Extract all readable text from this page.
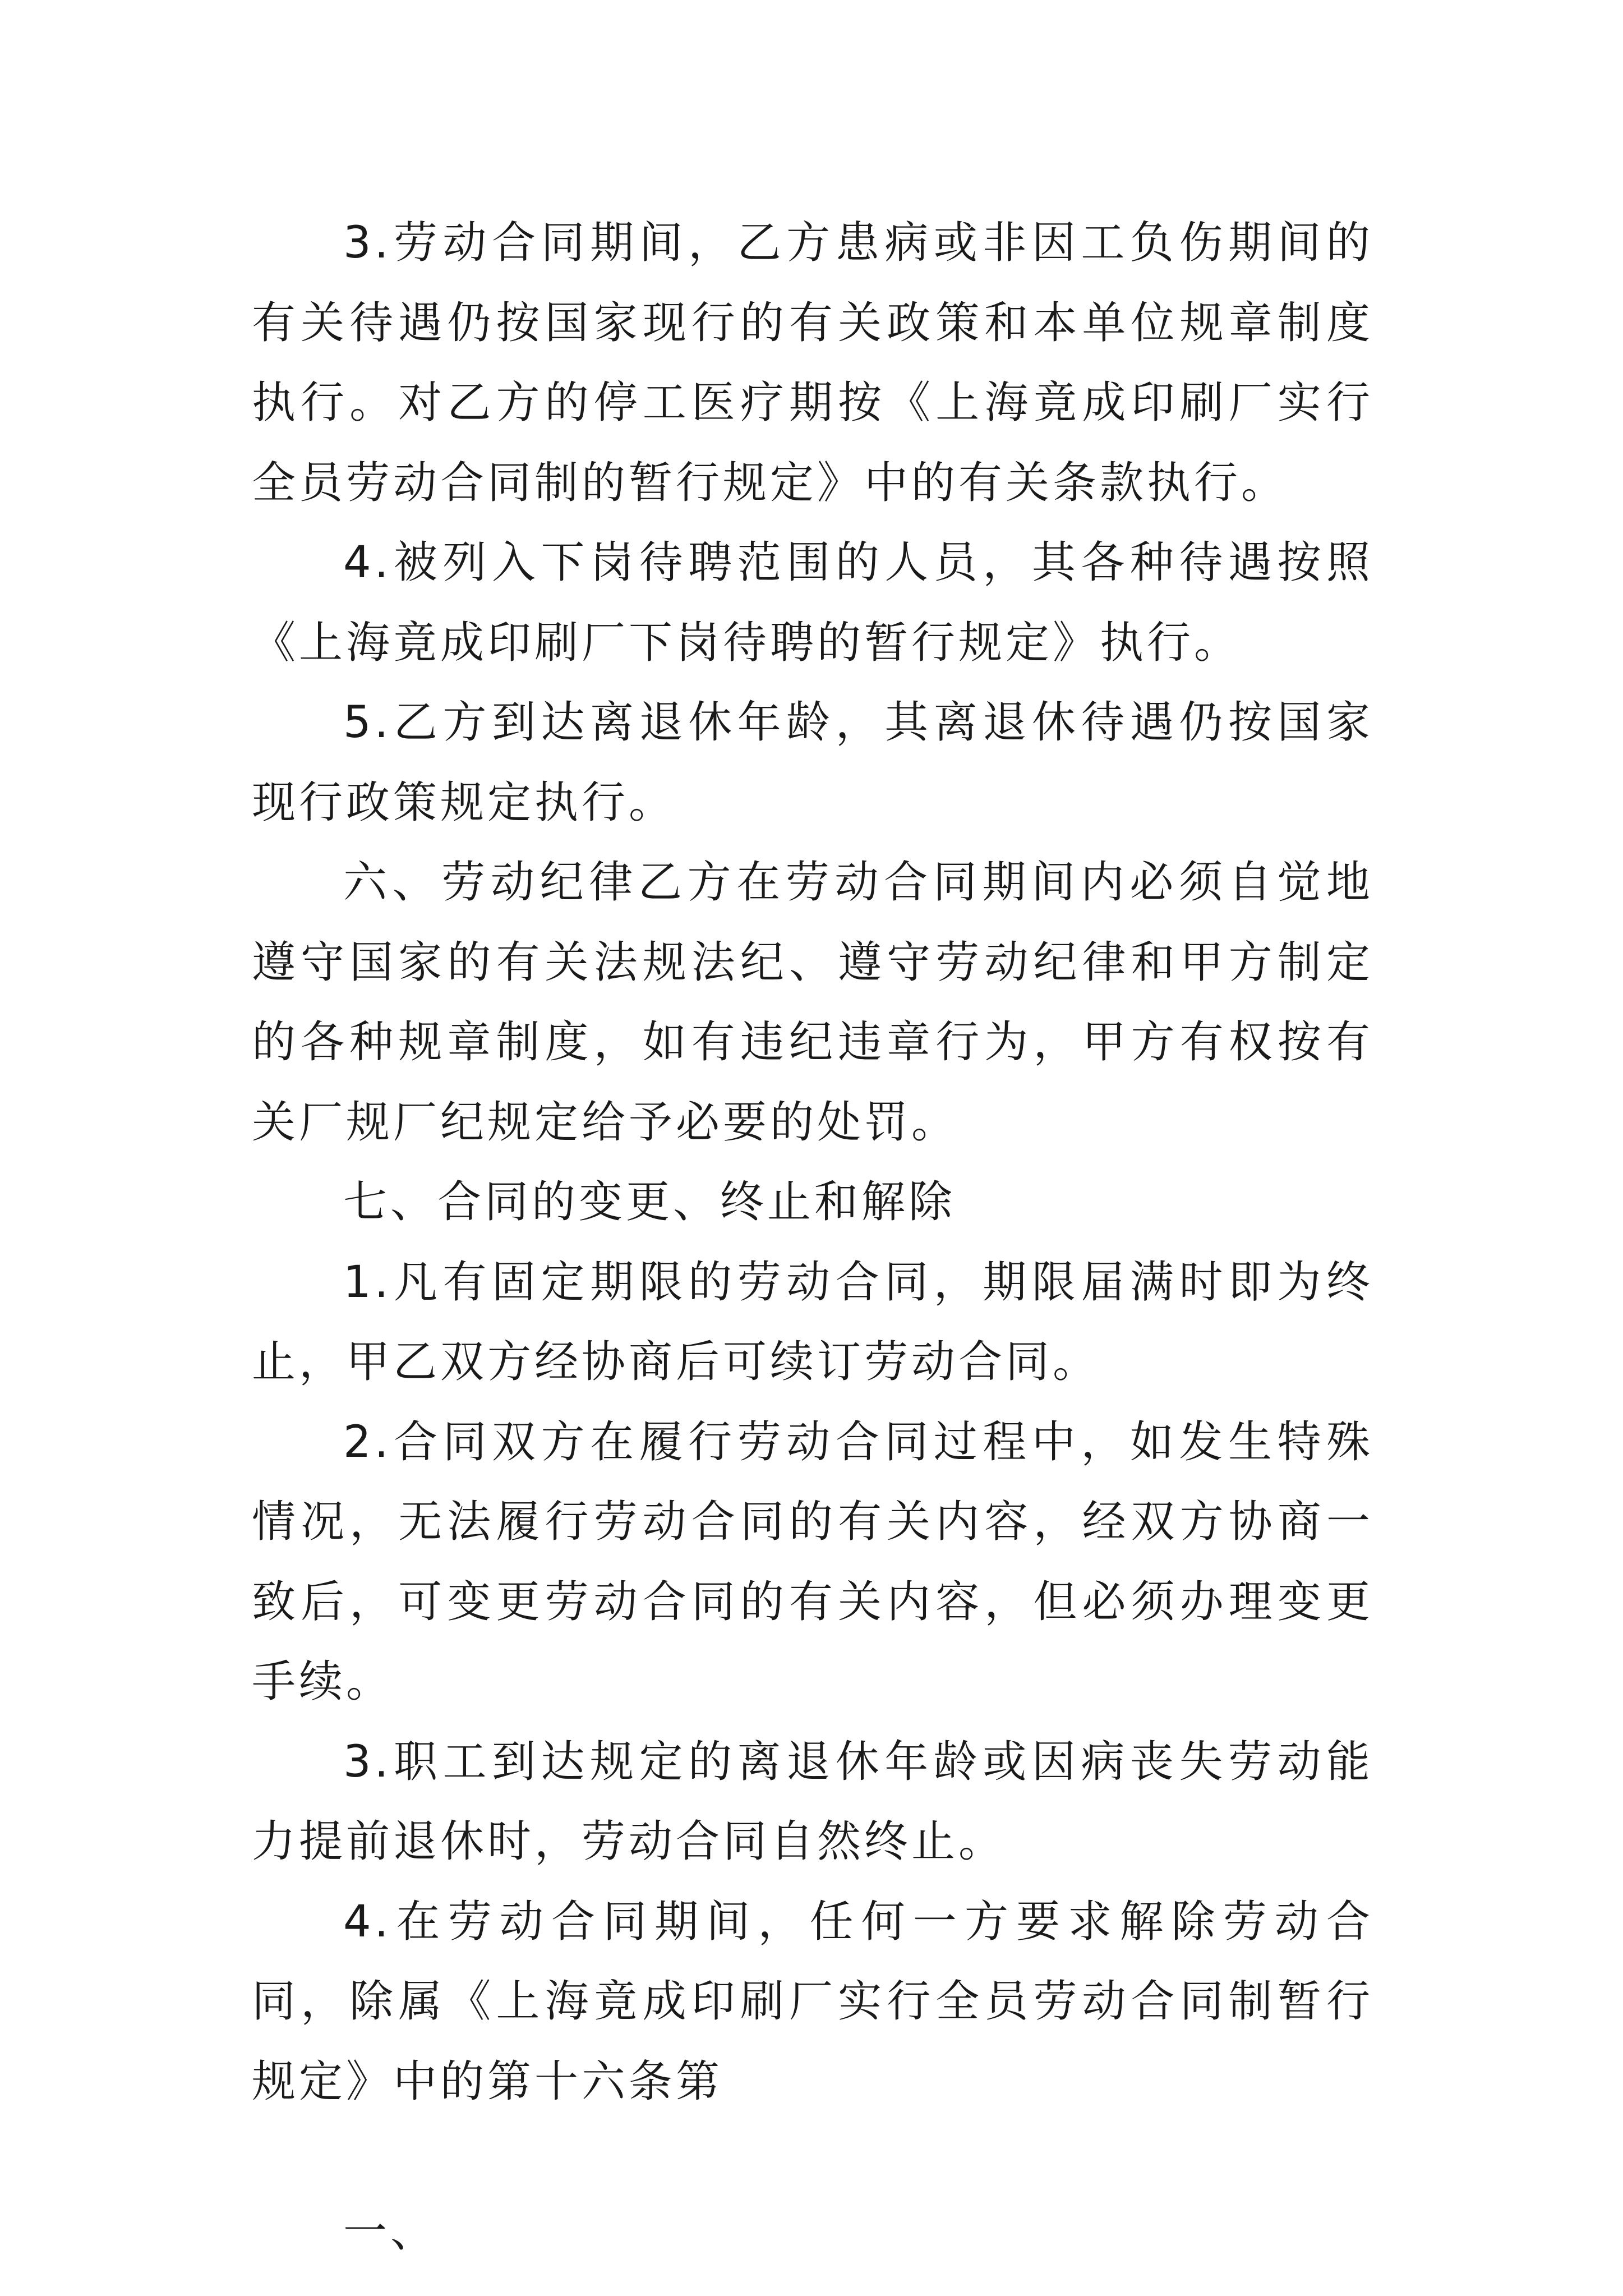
3.劳动合同期间，乙方患病或非因工负伤期间的有关待遇仍按国家现行的有关政策和本单位规章制度执行。对乙方的停工医疗期按《上海竟成印刷厂实行全员劳动合同制的暂行规定》中的有关条款执行。

4.被列入下岗待聘范围的人员，其各种待遇按照《上海竟成印刷厂下岗待聘的暂行规定》执行。

5.乙方到达离退休年龄，其离退休待遇仍按国家现行政策规定执行。

六、劳动纪律乙方在劳动合同期间内必须自觉地遵守国家的有关法规法纪、遵守劳动纪律和甲方制定的各种规章制度，如有违纪违章行为，甲方有权按有关厂规厂纪规定给予必要的处罚。

七、合同的变更、终止和解除

1.凡有固定期限的劳动合同，期限届满时即为终止，甲乙双方经协商后可续订劳动合同。

2.合同双方在履行劳动合同过程中，如发生特殊情况，无法履行劳动合同的有关内容，经双方协商一致后，可变更劳动合同的有关内容，但必须办理变更手续。

3.职工到达规定的离退休年龄或因病丧失劳动能力提前退休时，劳动合同自然终止。

4.在劳动合同期间，任何一方要求解除劳动合同，除属《上海竟成印刷厂实行全员劳动合同制暂行规定》中的第十六条第

一、
